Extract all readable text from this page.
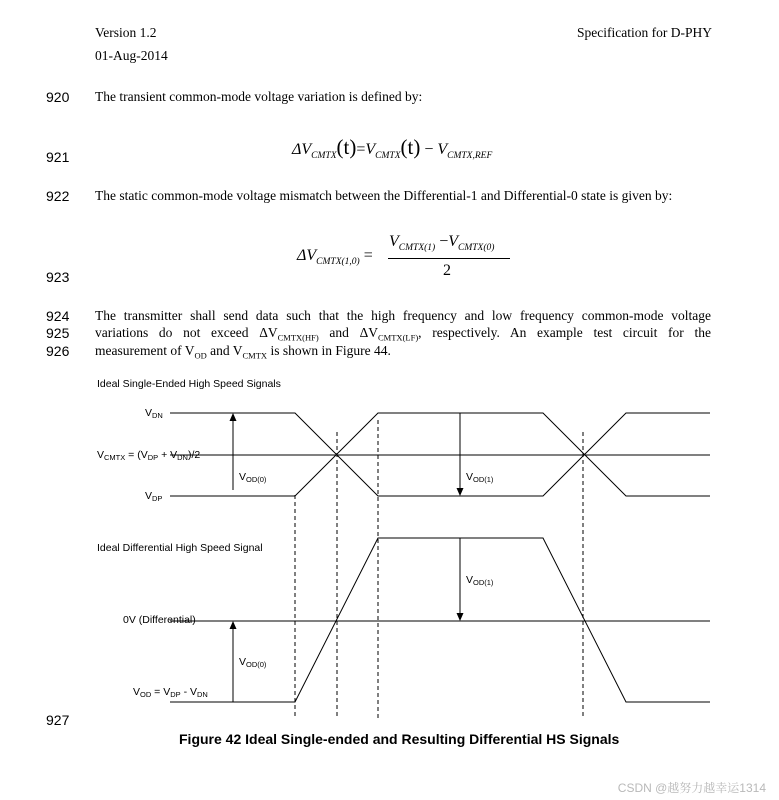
Version 1.2
01-Aug-2014
Specification for D-PHY
920 The transient common-mode voltage variation is defined by:
$\Delta V_{CMTX}(t)=V_{CMTX}(t) - V_{CMTX,REF}$
921
922 The static common-mode voltage mismatch between the Differential-1 and Differential-0 state is given by:
$\Delta V_{CMTX(1,0)}$ =
$V_{CMTX(1)} -V_{CMTX(0)}$
2
923
924 The transmitter shall send data such that the high frequency and low frequency common-mode voltage
925 variations do not exceed $\Delta V_{CMTX(HF)}$ and $\Delta V_{CMTX(LF)}$, respectively. An example test circuit for the
926 measurement of $V_{OD}$ and $V_{CMTX}$ is shown in Figure 44.
Ideal Single-Ended High Speed Signals
VDN
VCMTX = (VDP + VDN)/2
VDP
VOD(0)	VOD(1)
Ideal Differential High Speed Signal
VOD(1)
0V (Differential)
VOD(0)
VOD = VDP - VDN
927
Figure 42 Ideal Single-ended and Resulting Differential HS Signals
CSDN @越努力越幸运1314
